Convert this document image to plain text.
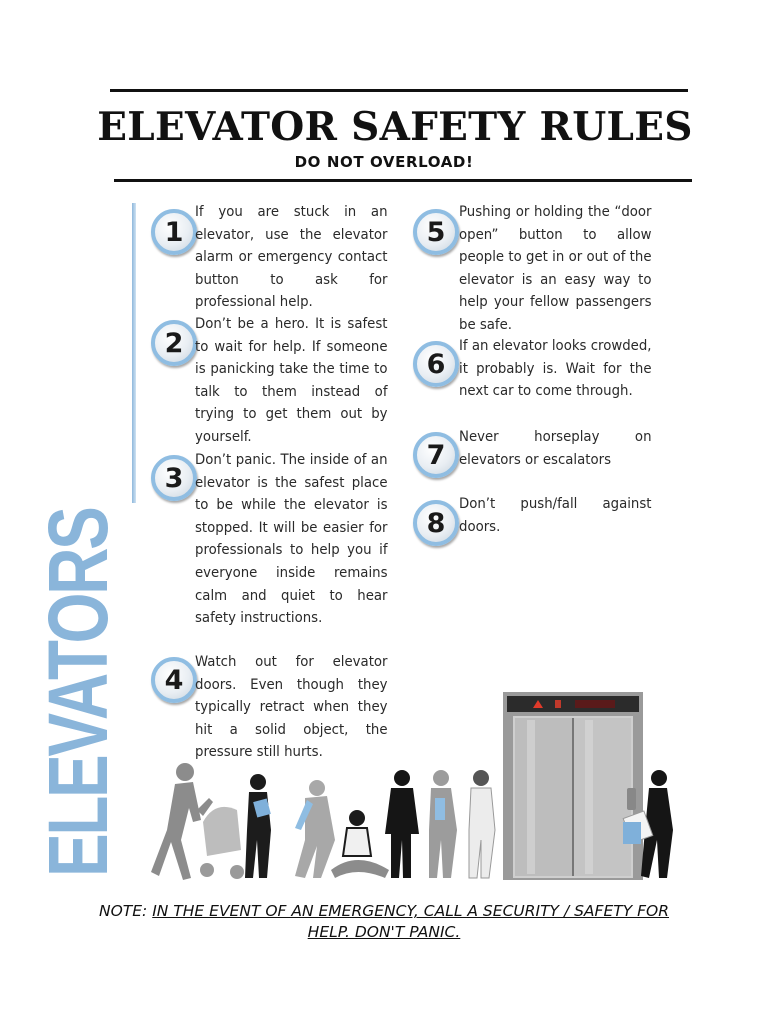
ELEVATOR SAFETY RULES
DO NOT OVERLOAD!
ELEVATORS
1
If you are stuck in an elevator, use the elevator alarm or emergency contact button to ask for professional help.
2
Don’t be a hero. It is safest to wait for help. If someone is panicking take the time to talk to them instead of trying to get them out by yourself.
3
Don’t panic. The inside of an elevator is the safest place to be while the elevator is stopped. It will be easier for professionals to help you if everyone inside remains calm and quiet to hear safety instructions.
4
Watch out for elevator doors. Even though they typically retract when they hit a solid object, the pressure still hurts.
5
Pushing or holding the “door open” button to allow people to get in or out of the elevator is an easy way to help your fellow passengers be safe.
6
If an elevator looks crowded, it probably is. Wait for the next car to come through.
7
Never horseplay on elevators or escalators
8
Don’t push/fall against doors.
NOTE: IN THE EVENT OF AN EMERGENCY, CALL A SECURITY / SAFETY FOR
HELP. DON'T PANIC.
